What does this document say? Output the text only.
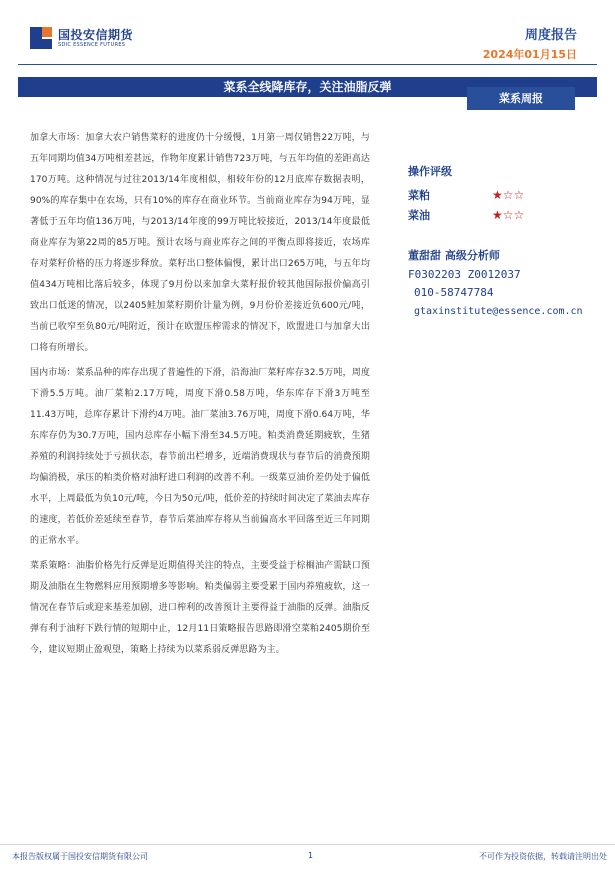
国投安信期货
SDIC ESSENCE FUTURES
周度报告
2024年01月15日
菜系全线降库存，关注油脂反弹
菜系周报

加拿大市场：加拿大农户销售菜籽的进度仍十分缓慢，1月第一周仅销售22万吨，与五年同期均值34万吨相差甚远，作物年度累计销售723万吨，与五年均值的差距高达170万吨。这种情况与过往2013/14年度相似，相较年份的12月底库存数据表明，90%的库存集中在农场，只有10%的库存在商业环节。当前商业库存为94万吨，显著低于五年均值136万吨，与2013/14年度的99万吨比较接近，2013/14年度最低商业库存为第22周的85万吨。预计农场与商业库存之间的平衡点即将接近，农场库存对菜籽价格的压力将逐步释放。菜籽出口整体偏慢，累计出口265万吨，与五年均值434万吨相比落后较多，体现了9月份以来加拿大菜籽报价较其他国际报价偏高引致出口低迷的情况，以2405鲑加菜籽期价计量为例，9月份价差接近负600元/吨，当前已收窄至负80元/吨附近，预计在欧盟压榨需求的情况下，欧盟进口与加拿大出口将有所增长。

国内市场：菜系品种的库存出现了普遍性的下滑，沿海油厂菜籽库存32.5万吨，周度下滑5.5万吨。油厂菜粕2.17万吨，周度下滑0.58万吨，华东库存下滑3万吨至11.43万吨，总库存累计下滑约4万吨。油厂菜油3.76万吨，周度下滑0.64万吨，华东库存仍为30.7万吨，国内总库存小幅下滑至34.5万吨。粕类消费延期疲软，生猪养殖的利润持续处于亏损状态，春节前出栏增多，近端消费现状与春节后的消费预期均偏消极，承压的粕类价格对油籽进口利润的改善不利。一级菜豆油价差仍处于偏低水平，上周最低为负10元/吨，今日为50元/吨，低价差的持续时间决定了菜油去库存的速度，若低价差延续至春节，春节后菜油库存将从当前偏高水平回落至近三年同期的正常水平。

菜系策略：油脂价格先行反弹是近期值得关注的特点，主要受益于棕榈油产需缺口预期及油脂在生物燃料应用预期增多等影响。粕类偏弱主要受累于国内养殖疲软，这一情况在春节后或迎来基差加剧，进口榨利的改善预计主要得益于油脂的反弹。油脂反弹有利于油籽下跌行情的短期中止，12月11日策略报告思路即滑空菜粕2405期价至今，建议短期止盈观望，策略上持续为以菜系弱反弹思路为主。

操作评级
菜粕	★☆☆
菜油	★☆☆
董甜甜 高级分析师
F0302203 Z0012037
010-58747784
gtaxinstitute@essence.com.cn
本报告版权属于国投安信期货有限公司	1	不可作为投资依据，转载请注明出处
